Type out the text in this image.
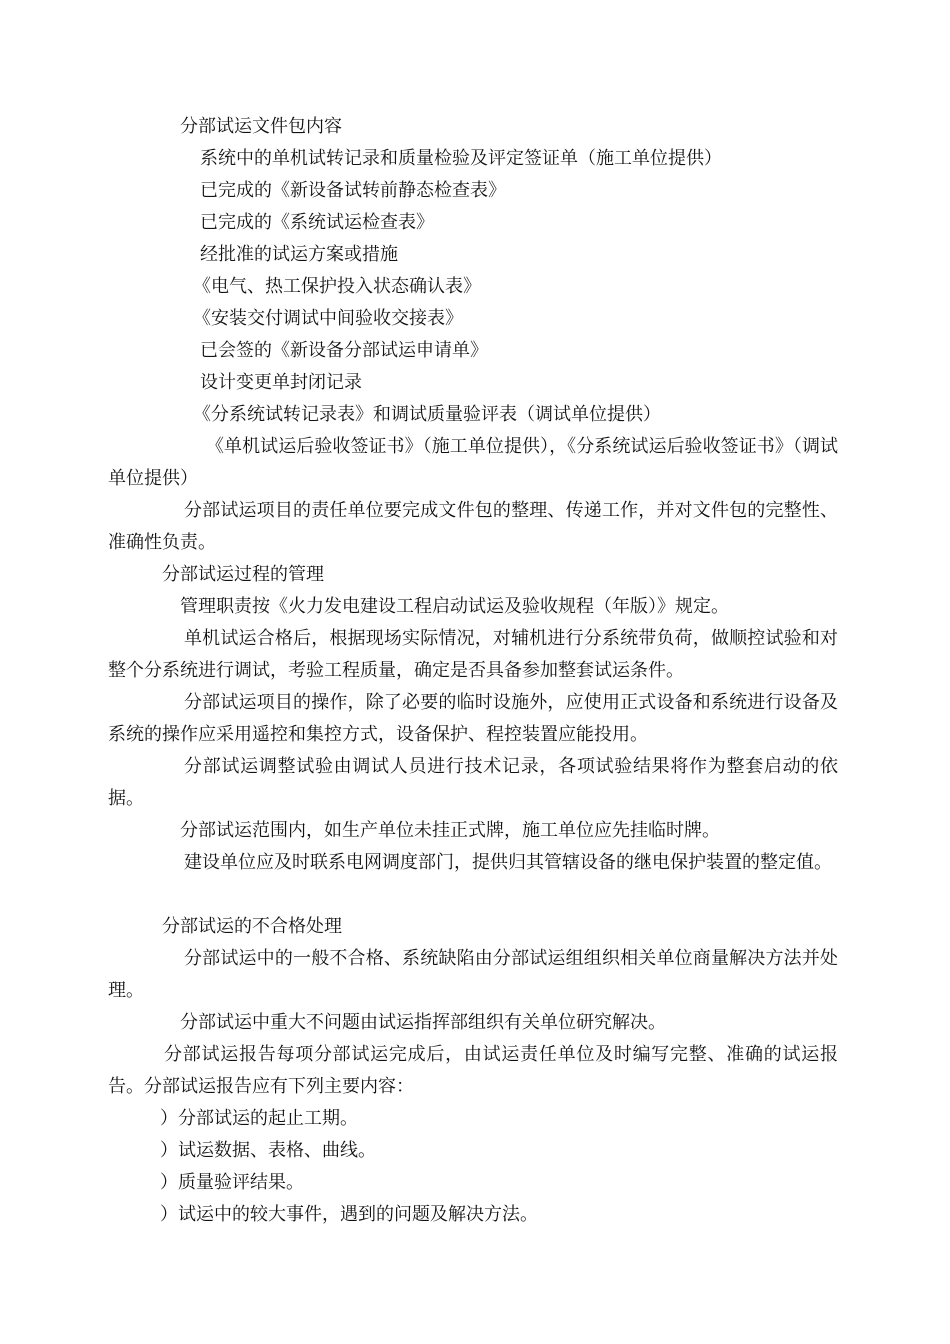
分部试运文件包内容

系统中的单机试转记录和质量检验及评定签证单（施工单位提供）

已完成的《新设备试转前静态检查表》

已完成的《系统试运检查表》

经批准的试运方案或措施

《电气、热工保护投入状态确认表》

《安装交付调试中间验收交接表》

已会签的《新设备分部试运申请单》

设计变更单封闭记录

《分系统试转记录表》和调试质量验评表（调试单位提供）

《单机试运后验收签证书》（施工单位提供），《分系统试运后验收签证书》（调试单位提供）

分部试运项目的责任单位要完成文件包的整理、传递工作，并对文件包的完整性、准确性负责。

分部试运过程的管理

管理职责按《火力发电建设工程启动试运及验收规程（年版）》规定。

单机试运合格后，根据现场实际情况，对辅机进行分系统带负荷，做顺控试验和对整个分系统进行调试，考验工程质量，确定是否具备参加整套试运条件。

分部试运项目的操作，除了必要的临时设施外，应使用正式设备和系统进行设备及系统的操作应采用遥控和集控方式，设备保护、程控装置应能投用。

分部试运调整试验由调试人员进行技术记录，各项试验结果将作为整套启动的依据。

分部试运范围内，如生产单位未挂正式牌，施工单位应先挂临时牌。

建设单位应及时联系电网调度部门，提供归其管辖设备的继电保护装置的整定值。

分部试运的不合格处理

分部试运中的一般不合格、系统缺陷由分部试运组组织相关单位商量解决方法并处理。

分部试运中重大不问题由试运指挥部组织有关单位研究解决。

分部试运报告每项分部试运完成后，由试运责任单位及时编写完整、准确的试运报告。分部试运报告应有下列主要内容：

）分部试运的起止工期。

）试运数据、表格、曲线。

）质量验评结果。

）试运中的较大事件，遇到的问题及解决方法。
